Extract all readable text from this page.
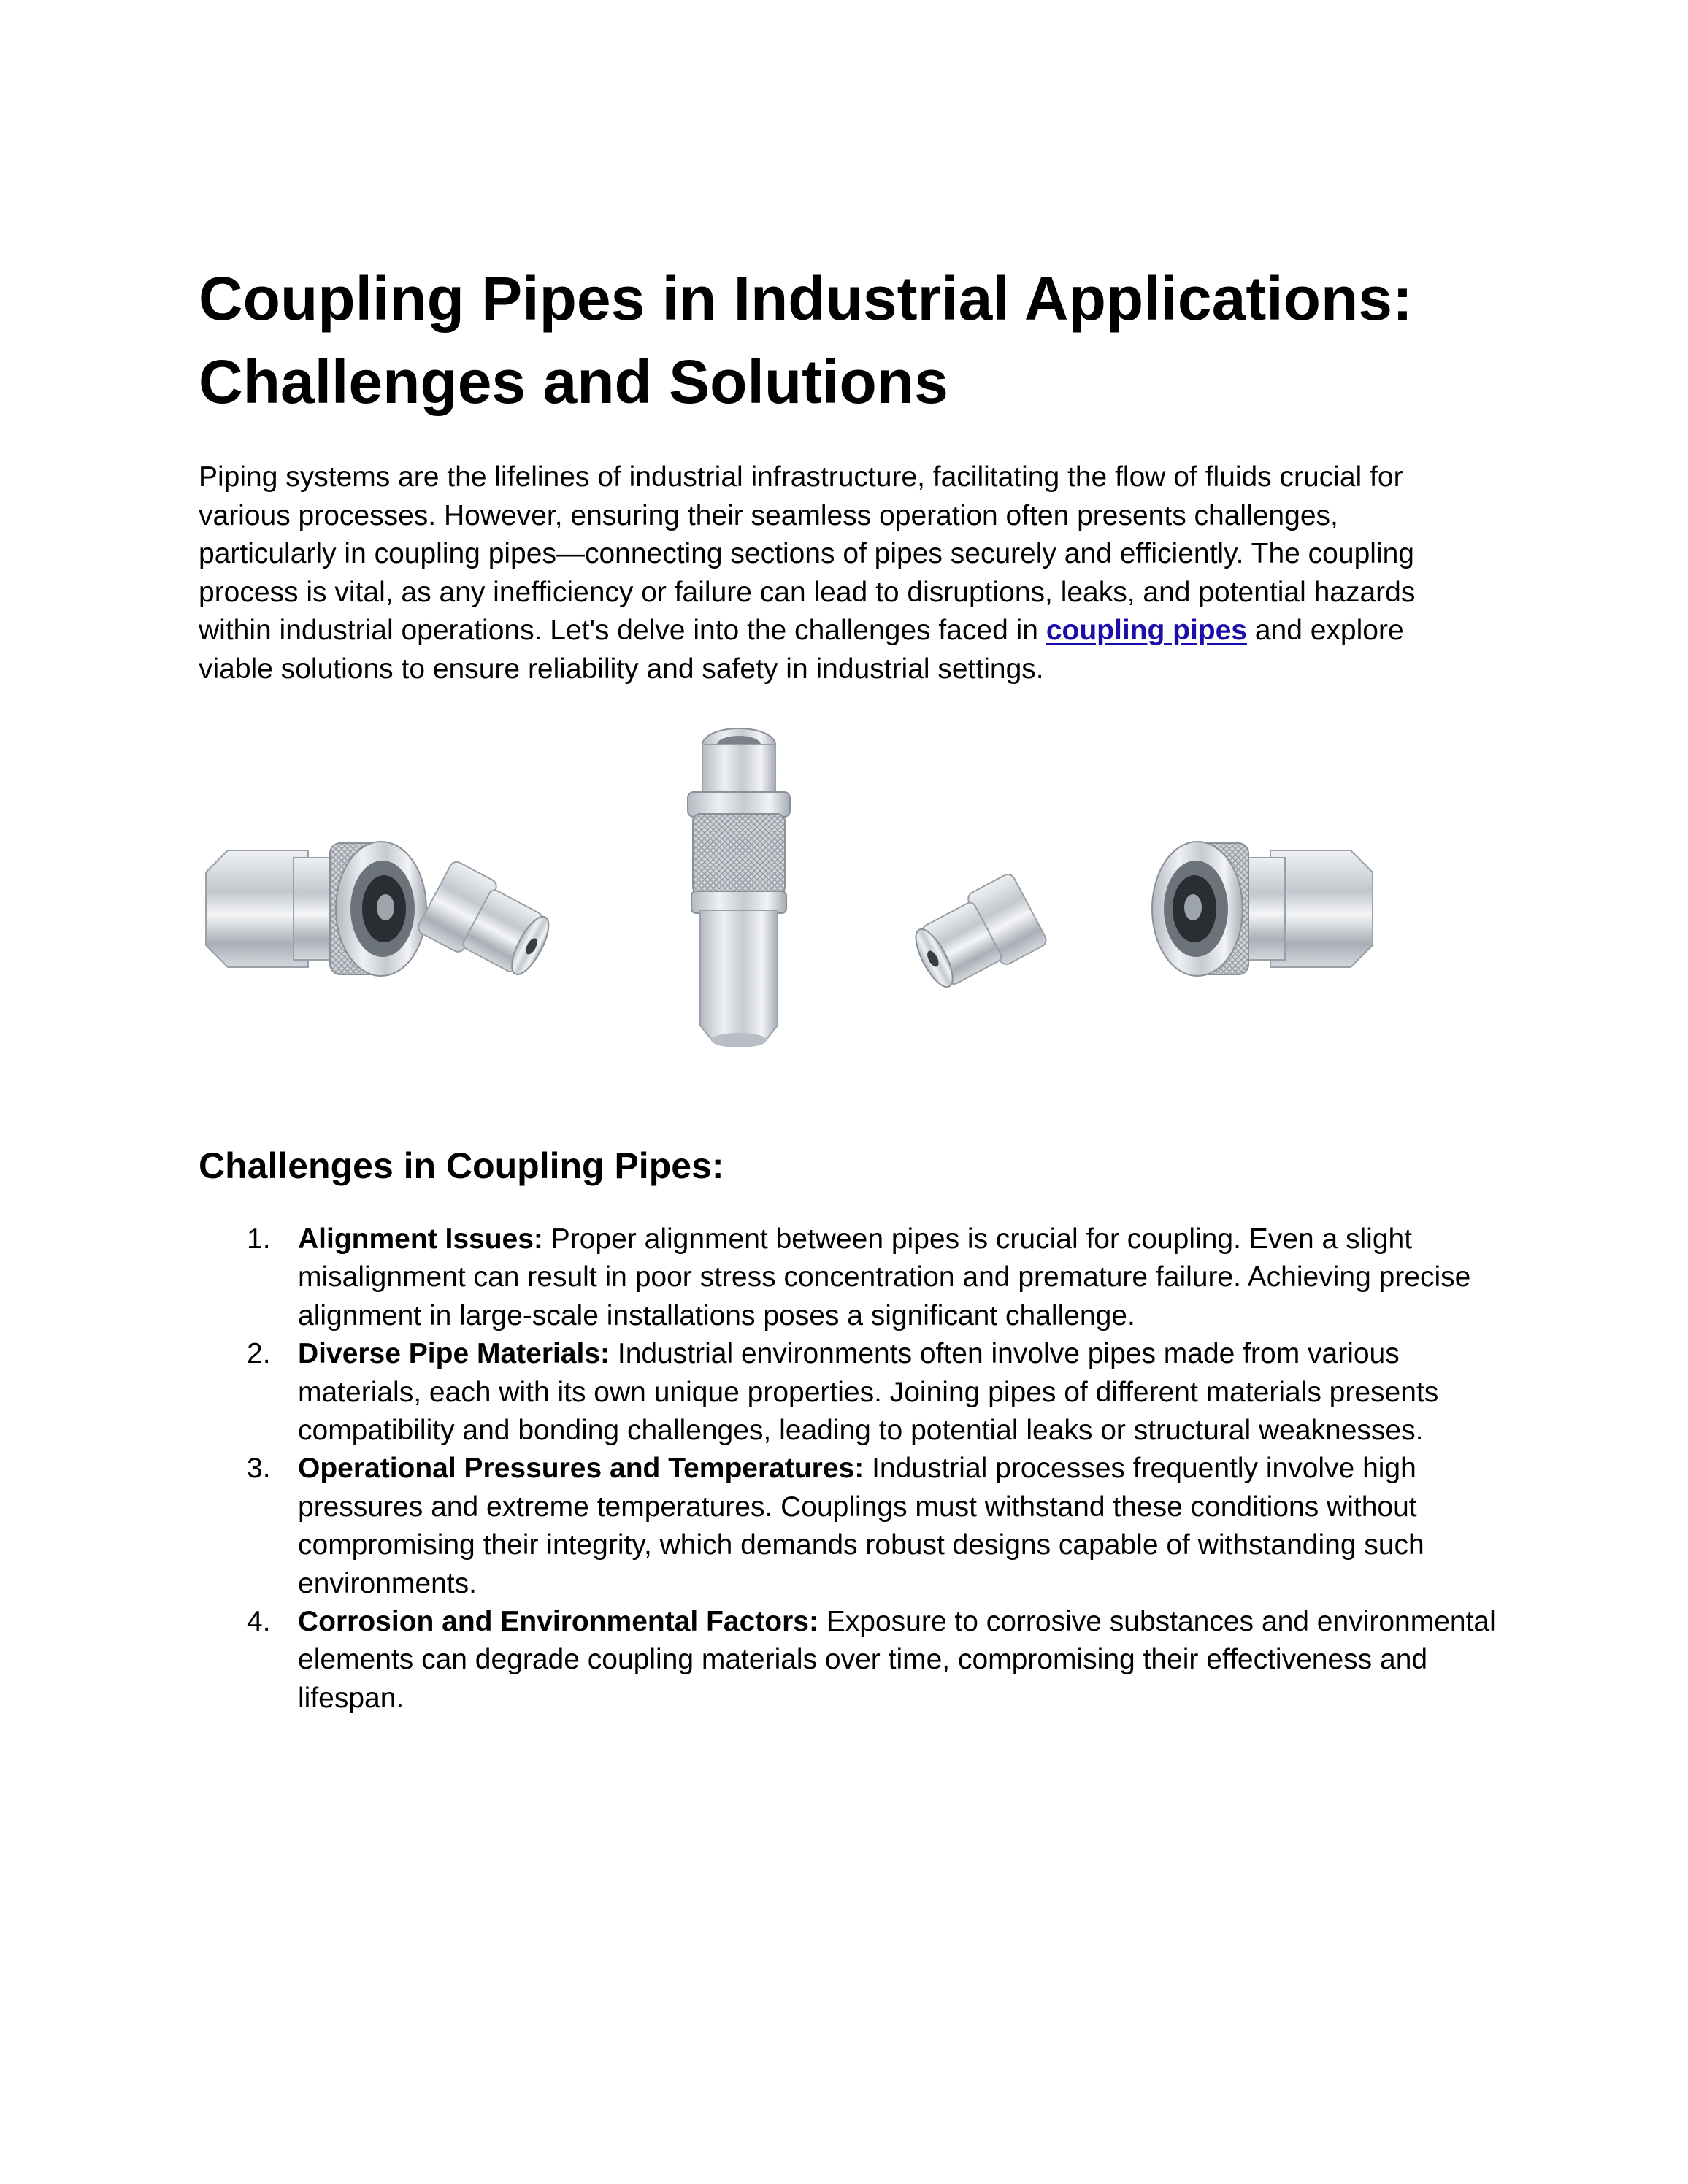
Coupling Pipes in Industrial Applications: Challenges and Solutions

Piping systems are the lifelines of industrial infrastructure, facilitating the flow of fluids crucial for various processes. However, ensuring their seamless operation often presents challenges, particularly in coupling pipes—connecting sections of pipes securely and efficiently. The coupling process is vital, as any inefficiency or failure can lead to disruptions, leaks, and potential hazards within industrial operations. Let's delve into the challenges faced in coupling pipes and explore viable solutions to ensure reliability and safety in industrial settings.

Challenges in Coupling Pipes:
1. Alignment Issues: Proper alignment between pipes is crucial for coupling. Even a slight misalignment can result in poor stress concentration and premature failure. Achieving precise alignment in large-scale installations poses a significant challenge.
2. Diverse Pipe Materials: Industrial environments often involve pipes made from various materials, each with its own unique properties. Joining pipes of different materials presents compatibility and bonding challenges, leading to potential leaks or structural weaknesses.
3. Operational Pressures and Temperatures: Industrial processes frequently involve high pressures and extreme temperatures. Couplings must withstand these conditions without compromising their integrity, which demands robust designs capable of withstanding such environments.
4. Corrosion and Environmental Factors: Exposure to corrosive substances and environmental elements can degrade coupling materials over time, compromising their effectiveness and lifespan.
